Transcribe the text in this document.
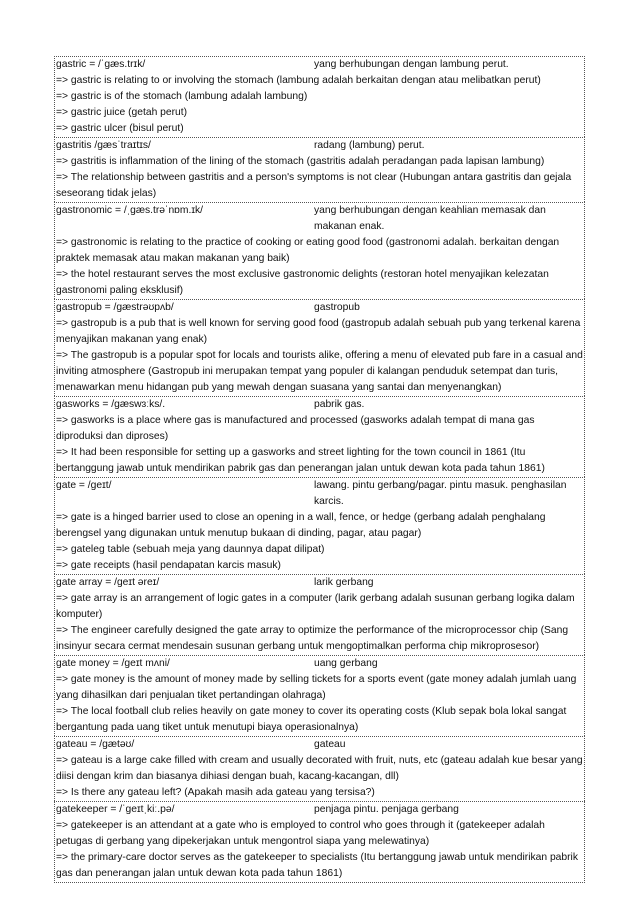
gastric = /ˈgæs.trɪk/	yang berhubungan dengan lambung perut.
=> gastric is relating to or involving the stomach (lambung adalah berkaitan dengan atau melibatkan perut)
=> gastric is of the stomach (lambung adalah lambung)
=> gastric juice (getah perut)
=> gastric ulcer (bisul perut)
gastritis /gæsˈtraɪtɪs/	radang (lambung) perut.
=> gastritis is inflammation of the lining of the stomach (gastritis adalah peradangan pada lapisan lambung)
=> The relationship between gastritis and a person's symptoms is not clear (Hubungan antara gastritis dan gejala seseorang tidak jelas)
gastronomic = /ˌgæs.trəˈnɒm.ɪk/	yang berhubungan dengan keahlian memasak dan makanan enak.
=> gastronomic is relating to the practice of cooking or eating good food (gastronomi adalah. berkaitan dengan praktek memasak atau makan makanan yang baik)
=> the hotel restaurant serves the most exclusive gastronomic delights (restoran hotel menyajikan kelezatan gastronomi paling eksklusif)
gastropub = /gæstrəʊpʌb/	gastropub
=> gastropub is a pub that is well known for serving good food (gastropub adalah sebuah pub yang terkenal karena menyajikan makanan yang enak)
=> The gastropub is a popular spot for locals and tourists alike, offering a menu of elevated pub fare in a casual and inviting atmosphere (Gastropub ini merupakan tempat yang populer di kalangan penduduk setempat dan turis, menawarkan menu hidangan pub yang mewah dengan suasana yang santai dan menyenangkan)
gasworks = /gæswɜːks/.	pabrik gas.
=> gasworks is a place where gas is manufactured and processed (gasworks adalah tempat di mana gas diproduksi dan diproses)
=> It had been responsible for setting up a gasworks and street lighting for the town council in 1861 (Itu bertanggung jawab untuk mendirikan pabrik gas dan penerangan jalan untuk dewan kota pada tahun 1861)
gate = /geɪt/	lawang. pintu gerbang/pagar. pintu masuk. penghasilan karcis.
=> gate is a hinged barrier used to close an opening in a wall, fence, or hedge (gerbang adalah penghalang berengsel yang digunakan untuk menutup bukaan di dinding, pagar, atau pagar)
=> gateleg table (sebuah meja yang daunnya dapat dilipat)
=> gate receipts (hasil pendapatan karcis masuk)
gate array = /geɪt əreɪ/	larik gerbang
=> gate array is an arrangement of logic gates in a computer (larik gerbang adalah susunan gerbang logika dalam komputer)
=> The engineer carefully designed the gate array to optimize the performance of the microprocessor chip (Sang insinyur secara cermat mendesain susunan gerbang untuk mengoptimalkan performa chip mikroprosesor)
gate money = /geɪt mʌni/	uang gerbang
=> gate money is the amount of money made by selling tickets for a sports event (gate money adalah jumlah uang yang dihasilkan dari penjualan tiket pertandingan olahraga)
=> The local football club relies heavily on gate money to cover its operating costs (Klub sepak bola lokal sangat bergantung pada uang tiket untuk menutupi biaya operasionalnya)
gateau = /gætəʊ/	gateau
=> gateau is a large cake filled with cream and usually decorated with fruit, nuts, etc (gateau adalah kue besar yang diisi dengan krim dan biasanya dihiasi dengan buah, kacang-kacangan, dll)
=> Is there any gateau left? (Apakah masih ada gateau yang tersisa?)
gatekeeper = /ˈgeɪtˌkiː.pə/	penjaga pintu. penjaga gerbang
=> gatekeeper is an attendant at a gate who is employed to control who goes through it (gatekeeper adalah petugas di gerbang yang dipekerjakan untuk mengontrol siapa yang melewatinya)
=> the primary-care doctor serves as the gatekeeper to specialists (Itu bertanggung jawab untuk mendirikan pabrik gas dan penerangan jalan untuk dewan kota pada tahun 1861)
